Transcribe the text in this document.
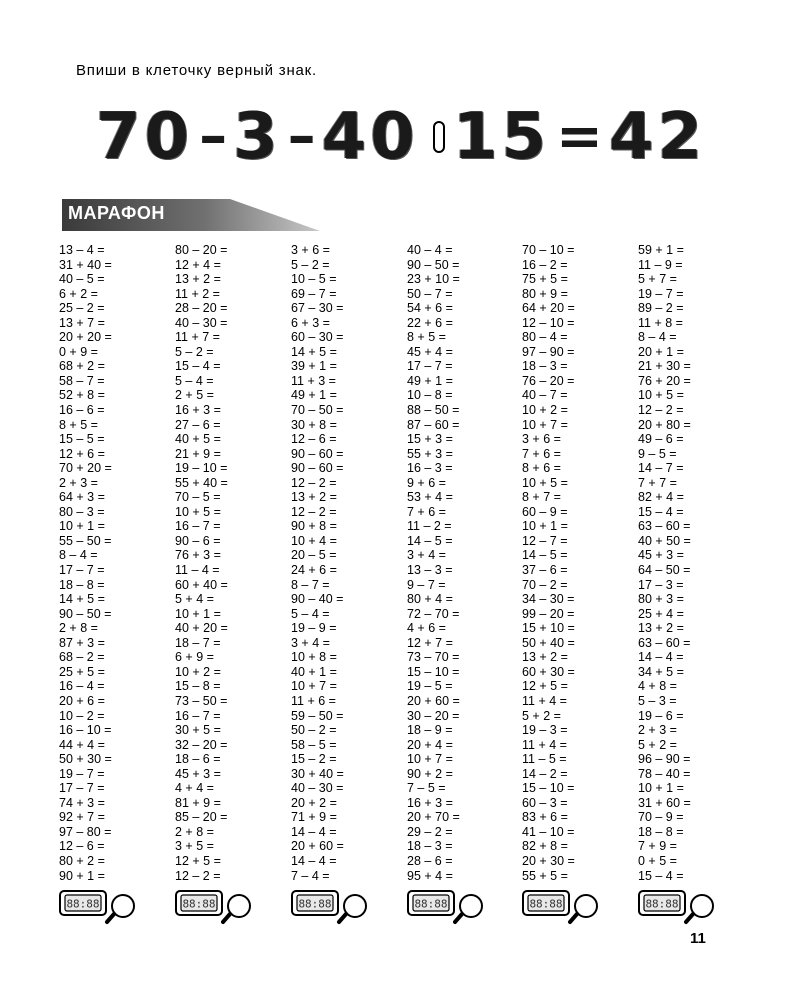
Впиши в клеточку верный знак.
70 – 3 – 40 15 = 42
МАРАФОН
13 – 4 =
31 + 40 =
40 – 5 =
6 + 2 =
25 – 2 =
13 + 7 =
20 + 20 =
0 + 9 =
68 + 2 =
58 – 7 =
52 + 8 =
16 – 6 =
8 + 5 =
15 – 5 =
12 + 6 =
70 + 20 =
2 + 3 =
64 + 3 =
80 – 3 =
10 + 1 =
55 – 50 =
8 – 4 =
17 – 7 =
18 – 8 =
14 + 5 =
90 – 50 =
2 + 8 =
87 + 3 =
68 – 2 =
25 + 5 =
16 – 4 =
20 + 6 =
10 – 2 =
16 – 10 =
44 + 4 =
50 + 30 =
19 – 7 =
17 – 7 =
74 + 3 =
92 + 7 =
97 – 80 =
12 – 6 =
80 + 2 =
90 + 1 =
80 – 20 =
12 + 4 =
13 + 2 =
11 + 2 =
28 – 20 =
40 – 30 =
11 + 7 =
5 – 2 =
15 – 4 =
5 – 4 =
2 + 5 =
16 + 3 =
27 – 6 =
40 + 5 =
21 + 9 =
19 – 10 =
55 + 40 =
70 – 5 =
10 + 5 =
16 – 7 =
90 – 6 =
76 + 3 =
11 – 4 =
60 + 40 =
5 + 4 =
10 + 1 =
40 + 20 =
18 – 7 =
6 + 9 =
10 + 2 =
15 – 8 =
73 – 50 =
16 – 7 =
30 + 5 =
32 – 20 =
18 – 6 =
45 + 3 =
4 + 4 =
81 + 9 =
85 – 20 =
2 + 8 =
3 + 5 =
12 + 5 =
12 – 2 =
3 + 6 =
5 – 2 =
10 – 5 =
69 – 7 =
67 – 30 =
6 + 3 =
60 – 30 =
14 + 5 =
39 + 1 =
11 + 3 =
49 + 1 =
70 – 50 =
30 + 8 =
12 – 6 =
90 – 60 =
90 – 60 =
12 – 2 =
13 + 2 =
12 – 2 =
90 + 8 =
10 + 4 =
20 – 5 =
24 + 6 =
8 – 7 =
90 – 40 =
5 – 4 =
19 – 9 =
3 + 4 =
10 + 8 =
40 + 1 =
10 + 7 =
11 + 6 =
59 – 50 =
50 – 2 =
58 – 5 =
15 – 2 =
30 + 40 =
40 – 30 =
20 + 2 =
71 + 9 =
14 – 4 =
20 + 60 =
14 – 4 =
7 – 4 =
40 – 4 =
90 – 50 =
23 + 10 =
50 – 7 =
54 + 6 =
22 + 6 =
8 + 5 =
45 + 4 =
17 – 7 =
49 + 1 =
10 – 8 =
88 – 50 =
87 – 60 =
15 + 3 =
55 + 3 =
16 – 3 =
9 + 6 =
53 + 4 =
7 + 6 =
11 – 2 =
14 – 5 =
3 + 4 =
13 – 3 =
9 – 7 =
80 + 4 =
72 – 70 =
4 + 6 =
12 + 7 =
73 – 70 =
15 – 10 =
19 – 5 =
20 + 60 =
30 – 20 =
18 – 9 =
20 + 4 =
10 + 7 =
90 + 2 =
7 – 5 =
16 + 3 =
20 + 70 =
29 – 2 =
18 – 3 =
28 – 6 =
95 + 4 =
70 – 10 =
16 – 2 =
75 + 5 =
80 + 9 =
64 + 20 =
12 – 10 =
80 – 4 =
97 – 90 =
18 – 3 =
76 – 20 =
40 – 7 =
10 + 2 =
10 + 7 =
3 + 6 =
7 + 6 =
8 + 6 =
10 + 5 =
8 + 7 =
60 – 9 =
10 + 1 =
12 – 7 =
14 – 5 =
37 – 6 =
70 – 2 =
34 – 30 =
99 – 20 =
15 + 10 =
50 + 40 =
13 + 2 =
60 + 30 =
12 + 5 =
11 + 4 =
5 + 2 =
19 – 3 =
11 + 4 =
11 – 5 =
14 – 2 =
15 – 10 =
60 – 3 =
83 + 6 =
41 – 10 =
82 + 8 =
20 + 30 =
55 + 5 =
59 + 1 =
11 – 9 =
5 + 7 =
19 – 7 =
89 – 2 =
11 + 8 =
8 – 4 =
20 + 1 =
21 + 30 =
76 + 20 =
10 + 5 =
12 – 2 =
20 + 80 =
49 – 6 =
9 – 5 =
14 – 7 =
7 + 7 =
82 + 4 =
15 – 4 =
63 – 60 =
40 + 50 =
45 + 3 =
64 – 50 =
17 – 3 =
80 + 3 =
25 + 4 =
13 + 2 =
63 – 60 =
14 – 4 =
34 + 5 =
4 + 8 =
5 – 3 =
19 – 6 =
2 + 3 =
5 + 2 =
96 – 90 =
78 – 40 =
10 + 1 =
31 + 60 =
70 – 9 =
18 – 8 =
7 + 9 =
0 + 5 =
15 – 4 =
88:88	88:88	88:88	88:88	88:88	88:88
11
